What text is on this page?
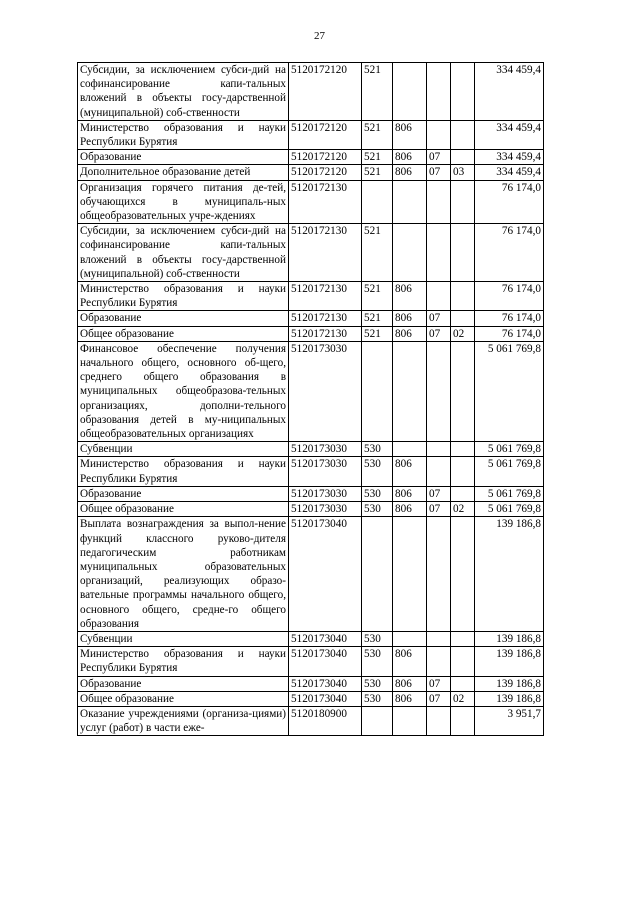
27
Субсидии, за исключением субси-дий на софинансирование капи-тальных вложений в объекты госу-дарственной (муниципальной) соб-ственности	5120172120	521				334 459,4
Министерство образования и науки Республики Бурятия	5120172120	521	806			334 459,4
Образование	5120172120	521	806	07		334 459,4
Дополнительное образование детей	5120172120	521	806	07	03	334 459,4
Организация горячего питания де-тей, обучающихся в муниципаль-ных общеобразовательных учре-ждениях	5120172130					76 174,0
Субсидии, за исключением субси-дий на софинансирование капи-тальных вложений в объекты госу-дарственной (муниципальной) соб-ственности	5120172130	521				76 174,0
Министерство образования и науки Республики Бурятия	5120172130	521	806			76 174,0
Образование	5120172130	521	806	07		76 174,0
Общее образование	5120172130	521	806	07	02	76 174,0
Финансовое обеспечение получения начального общего, основного об-щего, среднего общего образования в муниципальных общеобразова-тельных организациях, дополни-тельного образования детей в му-ниципальных общеобразовательных организациях	5120173030					5 061 769,8
Субвенции	5120173030	530				5 061 769,8
Министерство образования и науки Республики Бурятия	5120173030	530	806			5 061 769,8
Образование	5120173030	530	806	07		5 061 769,8
Общее образование	5120173030	530	806	07	02	5 061 769,8
Выплата вознаграждения за выпол-нение функций классного руково-дителя педагогическим работникам муниципальных образовательных организаций, реализующих образо-вательные программы начального общего, основного общего, средне-го общего образования	5120173040					139 186,8
Субвенции	5120173040	530				139 186,8
Министерство образования и науки Республики Бурятия	5120173040	530	806			139 186,8
Образование	5120173040	530	806	07		139 186,8
Общее образование	5120173040	530	806	07	02	139 186,8
Оказание учреждениями (организа-циями) услуг (работ) в части еже-	5120180900					3 951,7
